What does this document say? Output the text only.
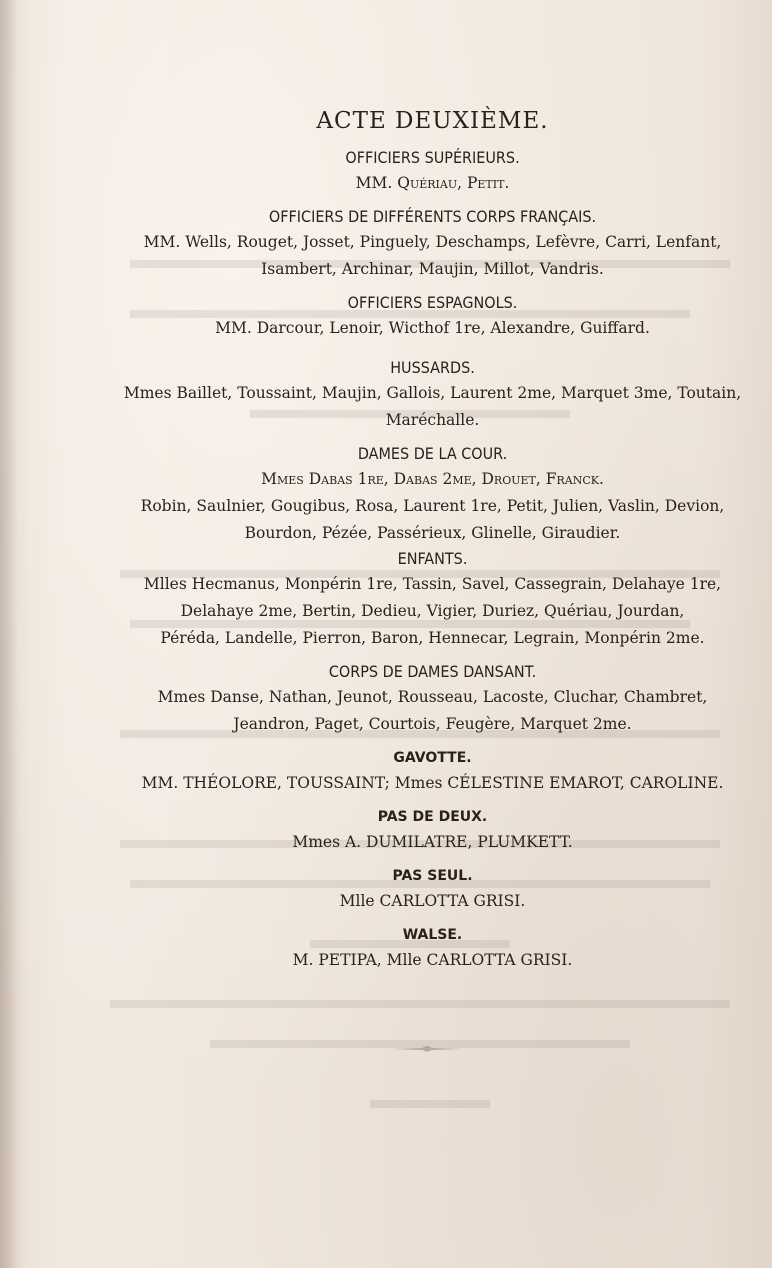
ACTE DEUXIÈME.
OFFICIERS SUPÉRIEURS.
MM. Quériau, Petit.
OFFICIERS DE DIFFÉRENTS CORPS FRANÇAIS.
MM. Wells, Rouget, Josset, Pinguely, Deschamps, Lefèvre, Carri, Lenfant,
Isambert, Archinar, Maujin, Millot, Vandris.
OFFICIERS ESPAGNOLS.
MM. Darcour, Lenoir, Wicthof 1re, Alexandre, Guiffard.
HUSSARDS.
Mmes Baillet, Toussaint, Maujin, Gallois, Laurent 2me, Marquet 3me, Toutain,
Maréchalle.
DAMES DE LA COUR.
Mmes Dabas 1re, Dabas 2me, Drouet, Franck.
Robin, Saulnier, Gougibus, Rosa, Laurent 1re, Petit, Julien, Vaslin, Devion,
Bourdon, Pézée, Passérieux, Glinelle, Giraudier.
ENFANTS.
Mlles Hecmanus, Monpérin 1re, Tassin, Savel, Cassegrain, Delahaye 1re,
Delahaye 2me, Bertin, Dedieu, Vigier, Duriez, Quériau, Jourdan,
Péréda, Landelle, Pierron, Baron, Hennecar, Legrain, Monpérin 2me.
CORPS DE DAMES DANSANT.
Mmes Danse, Nathan, Jeunot, Rousseau, Lacoste, Cluchar, Chambret,
Jeandron, Paget, Courtois, Feugère, Marquet 2me.
GAVOTTE.
MM. THÉOLORE, TOUSSAINT; Mmes CÉLESTINE EMAROT, CAROLINE.
PAS DE DEUX.
Mmes A. DUMILATRE, PLUMKETT.
PAS SEUL.
Mlle CARLOTTA GRISI.
WALSE.
M. PETIPA, Mlle CARLOTTA GRISI.
